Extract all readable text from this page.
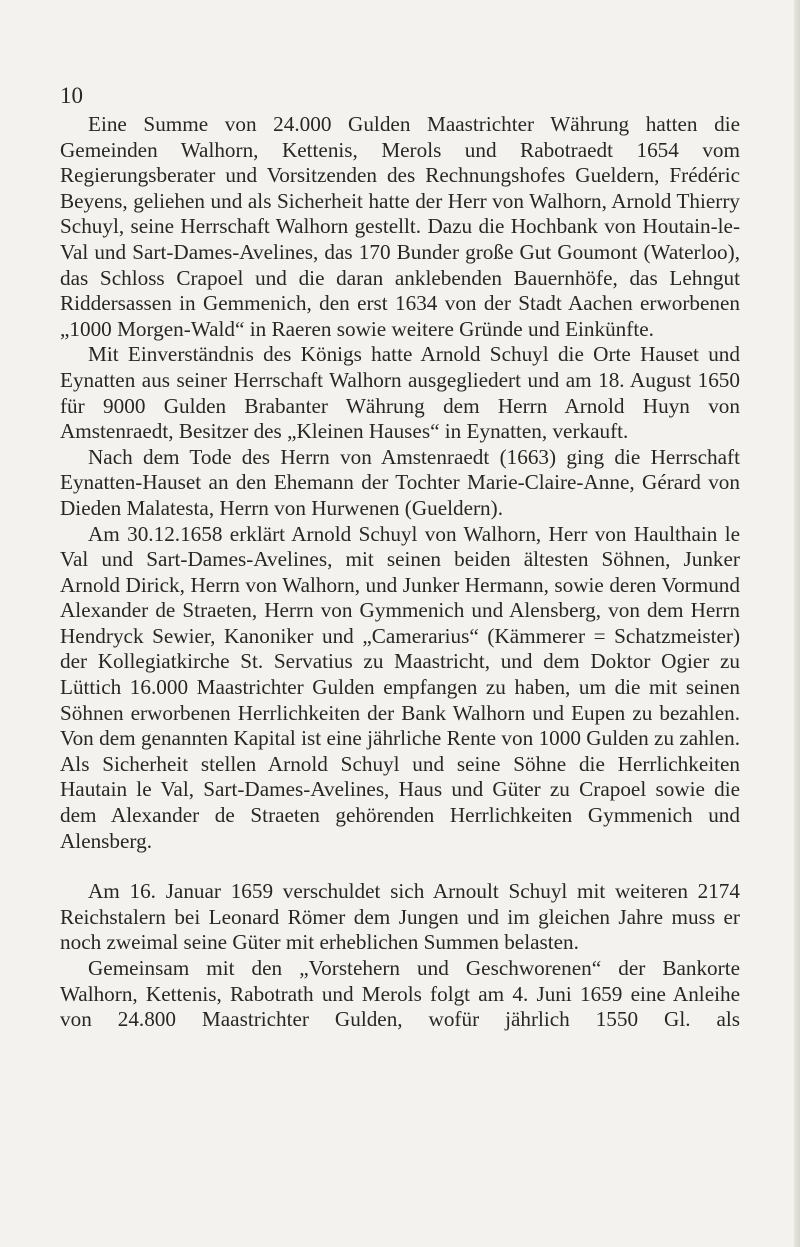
10

Eine Summe von 24.000 Gulden Maastrichter Währung hatten die Gemeinden Walhorn, Kettenis, Merols und Rabotraedt 1654 vom Regierungsberater und Vorsitzenden des Rechnungshofes Gueldern, Frédéric Beyens, geliehen und als Sicherheit hatte der Herr von Walhorn, Arnold Thierry Schuyl, seine Herrschaft Walhorn gestellt. Dazu die Hochbank von Houtain-le-Val und Sart-Dames-Avelines, das 170 Bunder große Gut Goumont (Waterloo), das Schloss Crapoel und die daran anklebenden Bauernhöfe, das Lehngut Riddersassen in Gemmenich, den erst 1634 von der Stadt Aachen erworbenen „1000 Morgen-Wald“ in Raeren sowie weitere Gründe und Einkünfte.

Mit Einverständnis des Königs hatte Arnold Schuyl die Orte Hauset und Eynatten aus seiner Herrschaft Walhorn ausgegliedert und am 18. August 1650 für 9000 Gulden Brabanter Währung dem Herrn Arnold Huyn von Amstenraedt, Besitzer des „Kleinen Hauses“ in Eynatten, verkauft.

Nach dem Tode des Herrn von Amstenraedt (1663) ging die Herrschaft Eynatten-Hauset an den Ehemann der Tochter Marie-Claire-Anne, Gérard von Dieden Malatesta, Herrn von Hurwenen (Gueldern).

Am 30.12.1658 erklärt Arnold Schuyl von Walhorn, Herr von Haulthain le Val und Sart-Dames-Avelines, mit seinen beiden ältesten Söhnen, Junker Arnold Dirick, Herrn von Walhorn, und Junker Hermann, sowie deren Vormund Alexander de Straeten, Herrn von Gymmenich und Alensberg, von dem Herrn Hendryck Sewier, Kanoniker und „Camerarius“ (Kämmerer = Schatzmeister) der Kollegiatkirche St. Servatius zu Maastricht, und dem Doktor Ogier zu Lüttich 16.000 Maastrichter Gulden empfangen zu haben, um die mit seinen Söhnen erworbenen Herrlichkeiten der Bank Walhorn und Eupen zu bezahlen. Von dem genannten Kapital ist eine jährliche Rente von 1000 Gulden zu zahlen. Als Sicherheit stellen Arnold Schuyl und seine Söhne die Herrlichkeiten Hautain le Val, Sart-Dames-Avelines, Haus und Güter zu Crapoel sowie die dem Alexander de Straeten gehörenden Herrlichkeiten Gymmenich und Alensberg.

Am 16. Januar 1659 verschuldet sich Arnoult Schuyl mit weiteren 2174 Reichstalern bei Leonard Römer dem Jungen und im gleichen Jahre muss er noch zweimal seine Güter mit erheblichen Summen belasten.

Gemeinsam mit den „Vorstehern und Geschworenen“ der Bankorte Walhorn, Kettenis, Rabotrath und Merols folgt am 4. Juni 1659 eine Anleihe von 24.800 Maastrichter Gulden, wofür jährlich 1550 Gl. als
